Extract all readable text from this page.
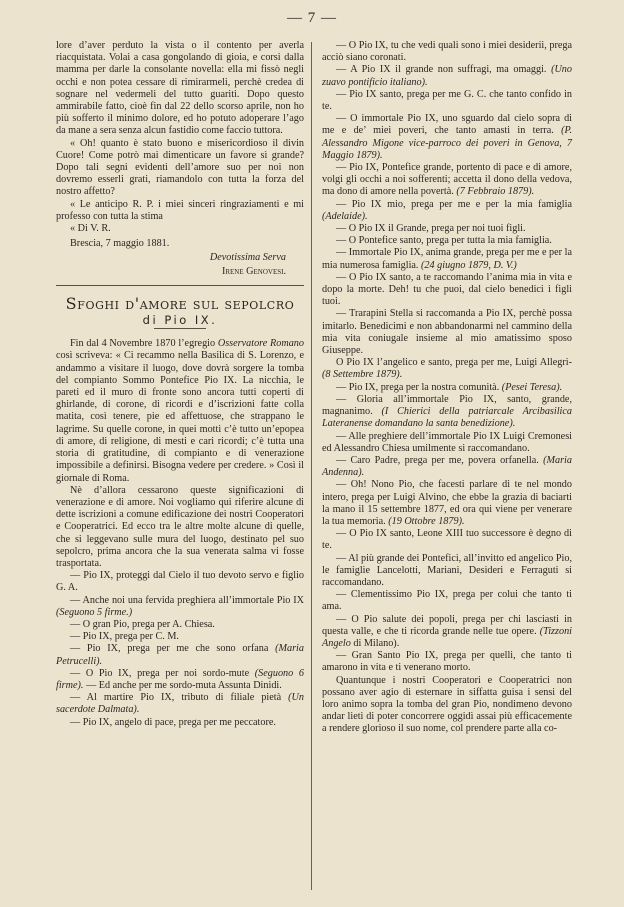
— 7 —

lore d’aver perduto la vista o il contento per averla riacquistata. Volai a casa gongolando di gioia, e corsi dalla mamma per darle la consolante novella: ella mi fissò negli occhi e non potea cessare di rimirarmeli, perchè credea di sognare nel vedermeli del tutto guariti. Dopo questo ammirabile fatto, cioè fin dal 22 dello scorso aprile, non ho più sofferto il minimo dolore, ed ho potuto adoperare l’ago da mane a sera senza alcun fastidio come faccio tuttora.

« Oh! quanto è stato buono e misericordioso il divin Cuore! Come potrò mai dimenticare un favore sì grande? Dopo tali segni evidenti dell’amore suo per noi non dovremo esserli grati, riamandolo con tutta la forza del nostro affetto?

« Le anticipo R. P. i miei sinceri ringraziamenti e mi professo con tutta la stima

« Di V. R.

Brescia, 7 maggio 1881.

Devotissima Serva

Irene Genovesi.

Sfoghi d'amore sul sepolcro
di Pio IX.

Fin dal 4 Novembre 1870 l’egregio Osservatore Romano così scriveva: « Ci recammo nella Basilica di S. Lorenzo, e andammo a visitare il luogo, dove dovrà sorgere la tomba del compianto Sommo Pontefice Pio IX. La nicchia, le pareti ed il muro di fronte sono ancora tutti coperti di ghirlande, di corone, di ricordi e d’iscrizioni fatte colla matita, così tenere, pie ed affettuose, che strappano le lagrime. Su quelle corone, in quei motti c’è tutto un’epopea di amore, di religione, di mesti e cari ricordi; c’è tutta una storia di gratitudine, di compianto e di venerazione impossibile a definirsi. Bisogna vedere per credere. » Così il giornale di Roma.

Nè d’allora cessarono queste significazioni di venerazione e di amore. Noi vogliamo qui riferire alcune di dette iscrizioni a comune edificazione dei nostri Cooperatori e Cooperatrici. Ed ecco tra le altre molte alcune di quelle, che si leggevano sulle mura del luogo, destinato pel suo sepolcro, prima ancora che la sua venerata salma vi fosse trasportata.

— Pio IX, proteggi dal Cielo il tuo devoto servo e figlio G. A.

— Anche noi una fervida preghiera all’immortale Pio IX (Seguono 5 firme.)

— O gran Pio, prega per A. Chiesa.

— Pio IX, prega per C. M.

— Pio IX, prega per me che sono orfana (Maria Petrucelli).

— O Pio IX, prega per noi sordo-mute (Seguono 6 firme). — Ed anche per me sordo-muta Assunta Dinidi.

— Al martire Pio IX, tributo di filiale pietà (Un sacerdote Dalmata).

— Pio IX, angelo di pace, prega per me peccatore.

— O Pio IX, tu che vedi quali sono i miei desiderii, prega acciò siano coronati.

— A Pio IX il grande non suffragi, ma omaggi. (Uno zuavo pontificio italiano).

— Pio IX santo, prega per me G. C. che tanto confido in te.

— O immortale Pio IX, uno sguardo dal cielo sopra di me e de’ miei poveri, che tanto amasti in terra. (P. Alessandro Migone vice-parroco dei poveri in Genova, 7 Maggio 1879).

— Pio IX, Pontefice grande, portento di pace e di amore, volgi gli occhi a noi sofferenti; accetta il dono della vedova, ma dono di amore nella povertà. (7 Febbraio 1879).

— Pio IX mio, prega per me e per la mia famiglia (Adelaide).

— O Pio IX il Grande, prega per noi tuoi figli.

— O Pontefice santo, prega per tutta la mia famiglia.

— Immortale Pio IX, anima grande, prega per me e per la mia numerosa famiglia. (24 giugno 1879, D. V.)

— O Pio IX santo, a te raccomando l’anima mia in vita e dopo la morte. Deh! tu che puoi, dal cielo benedici i figli tuoi.

— Trarapini Stella si raccomanda a Pio IX, perchè possa imitarlo. Benedicimi e non abbandonarmi nel cammino della mia vita coniugale insieme al mio amatissimo sposo Giuseppe.

O Pio IX l’angelico e santo, prega per me, Luigi Allegri-(8 Settembre 1879).

— Pio IX, prega per la nostra comunità. (Pesei Teresa).

— Gloria all’immortale Pio IX, santo, grande, magnanimo. (I Chierici della patriarcale Arcibasilica Lateranense domandano la santa benedizione).

— Alle preghiere dell’immortale Pio IX Luigi Cremonesi ed Alessandro Chiesa umilmente si raccomandano.

— Caro Padre, prega per me, povera orfanella. (Maria Andenna).

— Oh! Nono Pio, che facesti parlare di te nel mondo intero, prega per Luigi Alvino, che ebbe la grazia di baciarti la mano il 15 settembre 1877, ed ora qui viene per venerare la tua memoria. (19 Ottobre 1879).

— O Pio IX santo, Leone XIII tuo successore è degno di te.

— Al più grande dei Pontefici, all’invitto ed angelico Pio, le famiglie Lancelotti, Mariani, Desideri e Ferraguti si raccomandano.

— Clementissimo Pio IX, prega per colui che tanto ti ama.

— O Pio salute dei popoli, prega per chi lasciasti in questa valle, e che ti ricorda grande nelle tue opere. (Tizzoni Angelo di Milano).

— Gran Santo Pio IX, prega per quelli, che tanto ti amarono in vita e ti venerano morto.

Quantunque i nostri Cooperatori e Cooperatrici non possano aver agio di esternare in siffatta guisa i sensi del loro animo sopra la tomba del gran Pio, nondimeno devono andar lieti di poter concorrere oggidì assai più efficacemente a rendere glorioso il suo nome, col prendere parte alla co-
